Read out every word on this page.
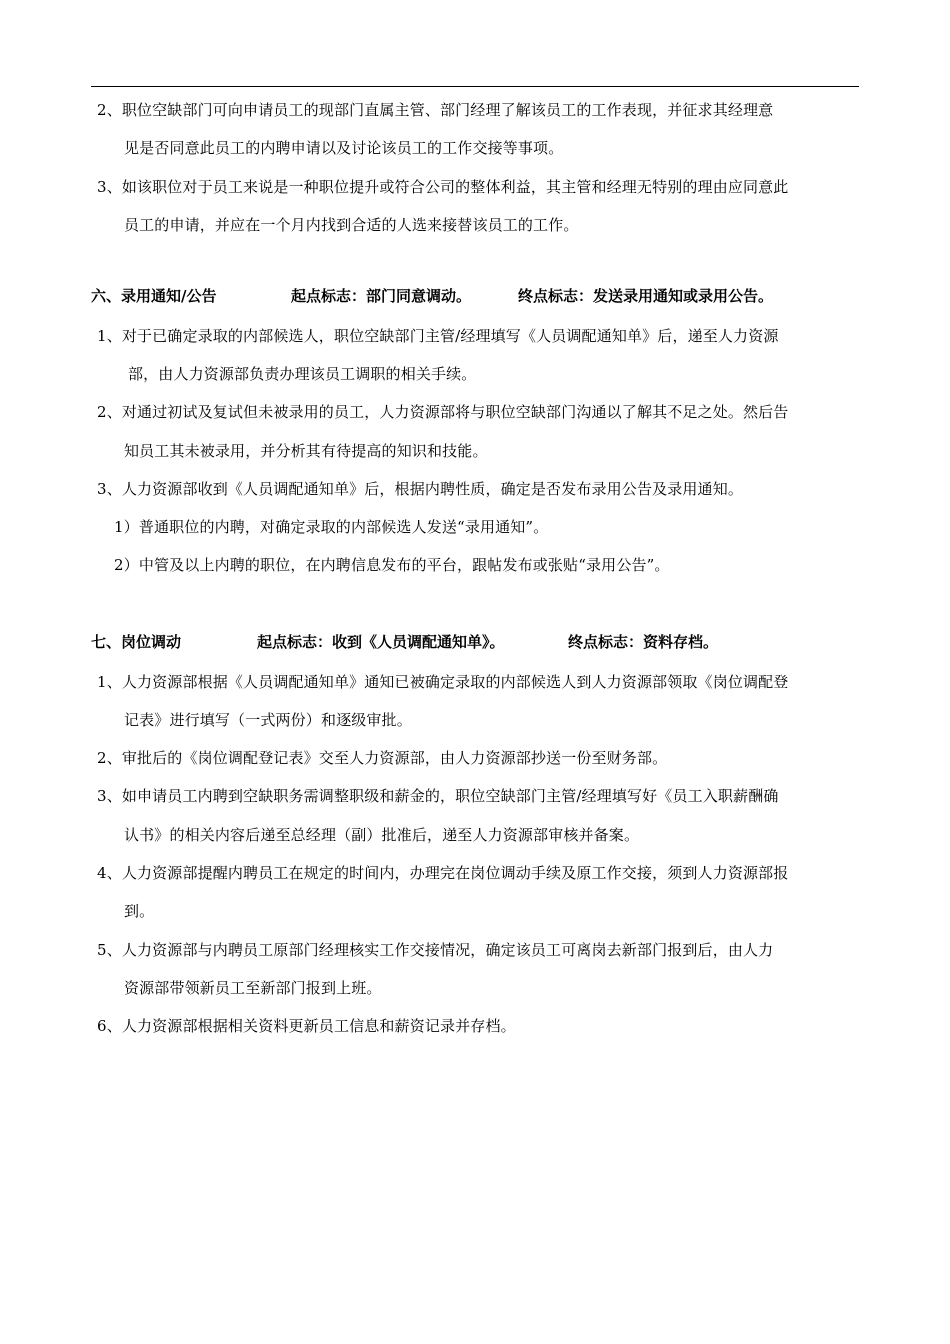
2、职位空缺部门可向申请员工的现部门直属主管、部门经理了解该员工的工作表现，并征求其经理意
见是否同意此员工的内聘申请以及讨论该员工的工作交接等事项。
3、如该职位对于员工来说是一种职位提升或符合公司的整体利益，其主管和经理无特别的理由应同意此
员工的申请，并应在一个月内找到合适的人选来接替该员工的工作。
六、录用通知/公告	起点标志：部门同意调动。	终点标志：发送录用通知或录用公告。
1、对于已确定录取的内部候选人，职位空缺部门主管/经理填写《人员调配通知单》后，递至人力资源
部，由人力资源部负责办理该员工调职的相关手续。
2、对通过初试及复试但未被录用的员工，人力资源部将与职位空缺部门沟通以了解其不足之处。然后告
知员工其未被录用，并分析其有待提高的知识和技能。
3、人力资源部收到《人员调配通知单》后，根据内聘性质，确定是否发布录用公告及录用通知。
1）普通职位的内聘，对确定录取的内部候选人发送“录用通知”。
2）中管及以上内聘的职位，在内聘信息发布的平台，跟帖发布或张贴“录用公告”。
七、岗位调动	起点标志：收到《人员调配通知单》。	终点标志：资料存档。
1、人力资源部根据《人员调配通知单》通知已被确定录取的内部候选人到人力资源部领取《岗位调配登
记表》进行填写（一式两份）和逐级审批。
2、审批后的《岗位调配登记表》交至人力资源部，由人力资源部抄送一份至财务部。
3、如申请员工内聘到空缺职务需调整职级和薪金的，职位空缺部门主管/经理填写好《员工入职薪酬确
认书》的相关内容后递至总经理（副）批准后，递至人力资源部审核并备案。
4、人力资源部提醒内聘员工在规定的时间内，办理完在岗位调动手续及原工作交接，须到人力资源部报
到。
5、人力资源部与内聘员工原部门经理核实工作交接情况，确定该员工可离岗去新部门报到后，由人力
资源部带领新员工至新部门报到上班。
6、人力资源部根据相关资料更新员工信息和薪资记录并存档。
